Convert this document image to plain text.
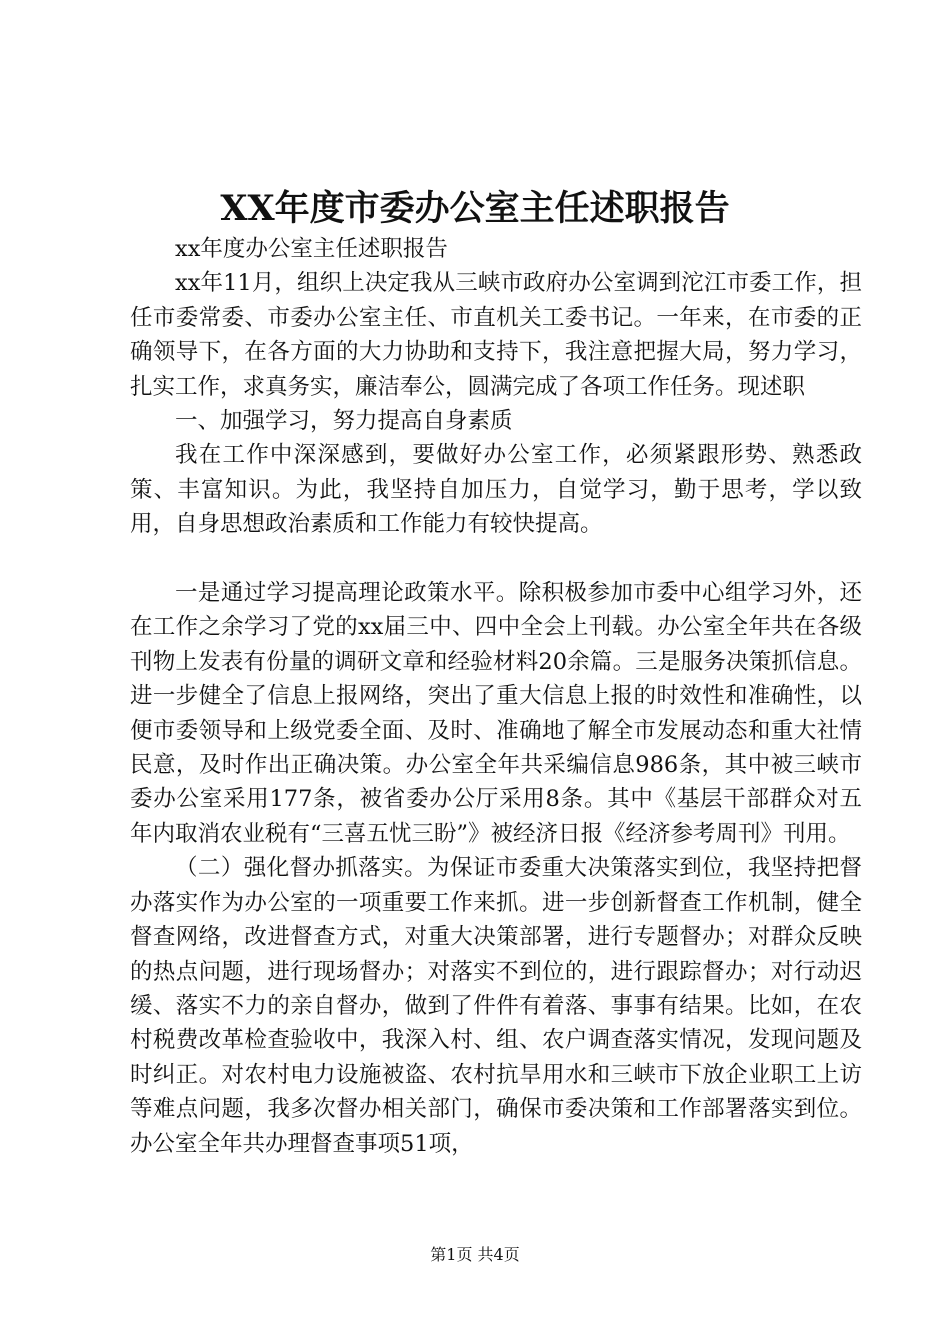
XX年度市委办公室主任述职报告

xx年度办公室主任述职报告

xx年11月，组织上决定我从三峡市政府办公室调到沱江市委工作，担任市委常委、市委办公室主任、市直机关工委书记。一年来，在市委的正确领导下，在各方面的大力协助和支持下，我注意把握大局，努力学习，扎实工作，求真务实，廉洁奉公，圆满完成了各项工作任务。现述职

一、加强学习，努力提高自身素质

我在工作中深深感到，要做好办公室工作，必须紧跟形势、熟悉政策、丰富知识。为此，我坚持自加压力，自觉学习，勤于思考，学以致用，自身思想政治素质和工作能力有较快提高。

一是通过学习提高理论政策水平。除积极参加市委中心组学习外，还在工作之余学习了党的xx届三中、四中全会上刊载。办公室全年共在各级刊物上发表有份量的调研文章和经验材料20余篇。三是服务决策抓信息。进一步健全了信息上报网络，突出了重大信息上报的时效性和准确性，以便市委领导和上级党委全面、及时、准确地了解全市发展动态和重大社情民意，及时作出正确决策。办公室全年共采编信息986条，其中被三峡市委办公室采用177条，被省委办公厅采用8条。其中《基层干部群众对五年内取消农业税有“三喜五忧三盼”》被经济日报《经济参考周刊》刊用。

（二）强化督办抓落实。为保证市委重大决策落实到位，我坚持把督办落实作为办公室的一项重要工作来抓。进一步创新督查工作机制，健全督查网络，改进督查方式，对重大决策部署，进行专题督办；对群众反映的热点问题，进行现场督办；对落实不到位的，进行跟踪督办；对行动迟缓、落实不力的亲自督办，做到了件件有着落、事事有结果。比如，在农村税费改革检查验收中，我深入村、组、农户调查落实情况，发现问题及时纠正。对农村电力设施被盗、农村抗旱用水和三峡市下放企业职工上访等难点问题，我多次督办相关部门，确保市委决策和工作部署落实到位。办公室全年共办理督查事项51项，

第1页 共4页
